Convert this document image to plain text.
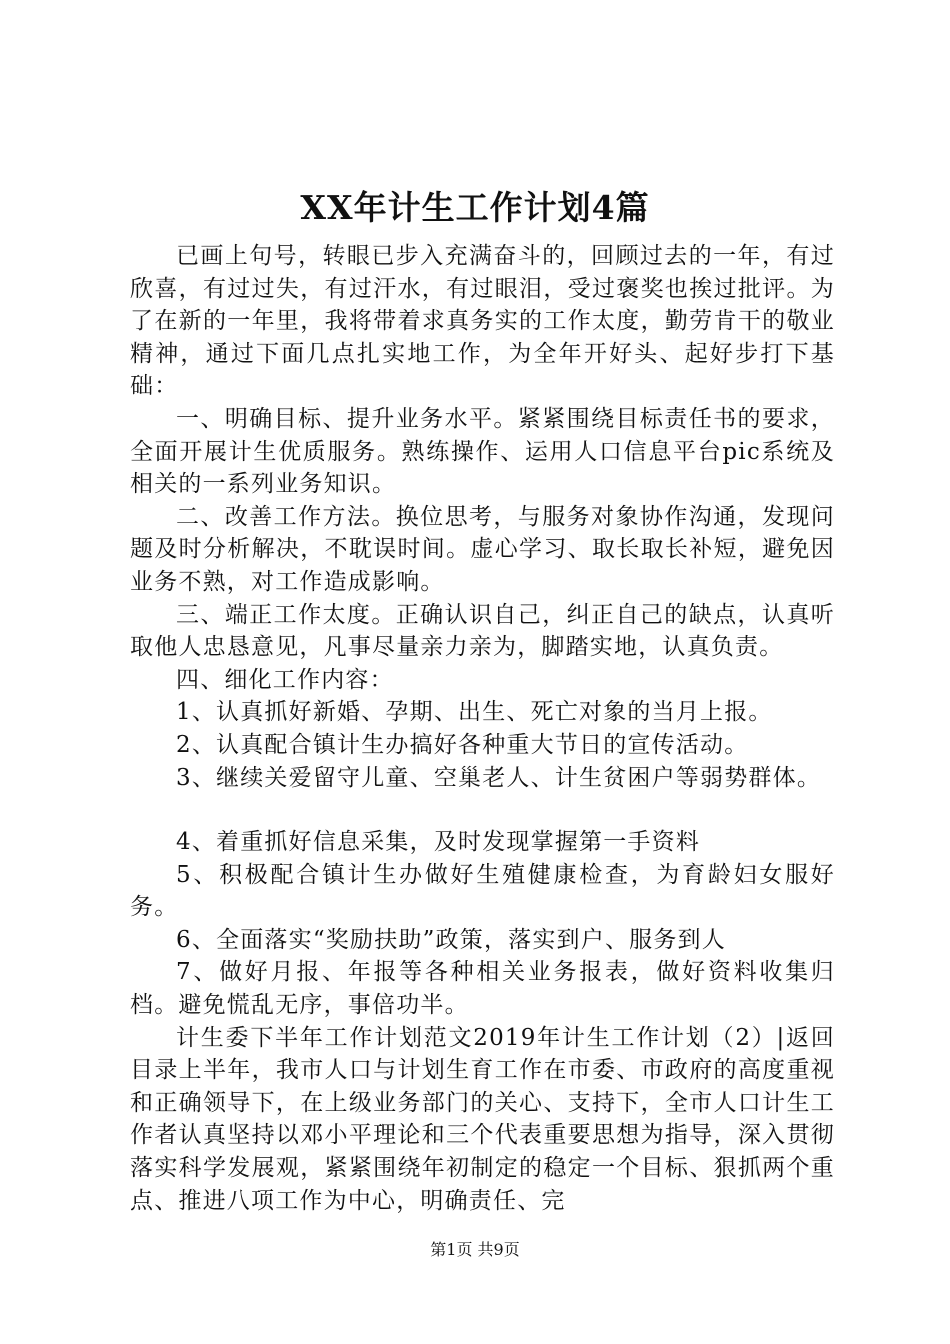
XX年计生工作计划4篇

已画上句号，转眼已步入充满奋斗的，回顾过去的一年，有过欣喜，有过过失，有过汗水，有过眼泪，受过褒奖也挨过批评。为了在新的一年里，我将带着求真务实的工作太度，勤劳肯干的敬业精神，通过下面几点扎实地工作，为全年开好头、起好步打下基础：

一、明确目标、提升业务水平。紧紧围绕目标责任书的要求，全面开展计生优质服务。熟练操作、运用人口信息平台pic系统及相关的一系列业务知识。

二、改善工作方法。换位思考，与服务对象协作沟通，发现问题及时分析解决，不耽误时间。虚心学习、取长取长补短，避免因业务不熟，对工作造成影响。

三、端正工作太度。正确认识自己，纠正自己的缺点，认真听取他人忠恳意见，凡事尽量亲力亲为，脚踏实地，认真负责。

四、细化工作内容：

1、认真抓好新婚、孕期、出生、死亡对象的当月上报。

2、认真配合镇计生办搞好各种重大节日的宣传活动。

3、继续关爱留守儿童、空巢老人、计生贫困户等弱势群体。

4、着重抓好信息采集，及时发现掌握第一手资料

5、积极配合镇计生办做好生殖健康检查，为育龄妇女服好务。

6、全面落实“奖励扶助”政策，落实到户、服务到人

7、做好月报、年报等各种相关业务报表，做好资料收集归档。避免慌乱无序，事倍功半。

计生委下半年工作计划范文2019年计生工作计划（2）|返回目录上半年，我市人口与计划生育工作在市委、市政府的高度重视和正确领导下，在上级业务部门的关心、支持下，全市人口计生工作者认真坚持以邓小平理论和三个代表重要思想为指导，深入贯彻落实科学发展观，紧紧围绕年初制定的稳定一个目标、狠抓两个重点、推进八项工作为中心，明确责任、完

第1页 共9页
